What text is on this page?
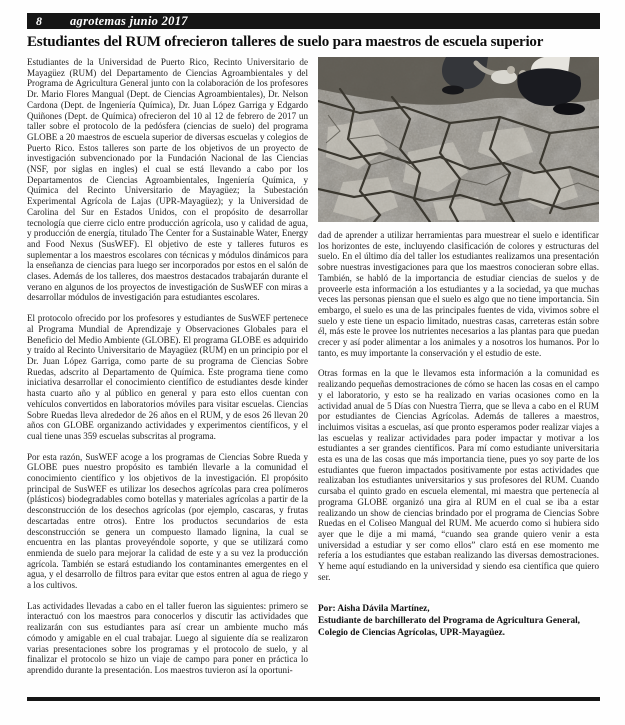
8	agrotemas junio 2017
Estudiantes del RUM ofrecieron talleres de suelo para maestros de escuela superior

Estudiantes de la Universidad de Puerto Rico, Recinto Universitario de Mayagüez (RUM) del Departamento de Ciencias Agroambientales y del Programa de Agricultura General junto con la colaboración de los profesores Dr. Mario Flores Mangual (Dept. de Ciencias Agroambientales), Dr. Nelson Cardona (Dept. de Ingeniería Química), Dr. Juan López Garriga y Edgardo Quiñones (Dept. de Química) ofrecieron del 10 al 12 de febrero de 2017 un taller sobre el protocolo de la pedósfera (ciencias de suelo) del programa GLOBE a 20 maestros de escuela superior de diversas escuelas y colegios de Puerto Rico. Estos talleres son parte de los objetivos de un proyecto de investigación subvencionado por la Fundación Nacional de las Ciencias (NSF, por siglas en ingles) el cual se está llevando a cabo por los Departamentos de Ciencias Agroambientales, Ingeniería Química, y Química del Recinto Universitario de Mayagüez; la Subestación Experimental Agrícola de Lajas (UPR-Mayagüez); y la Universidad de Carolina del Sur en Estados Unidos, con el propósito de desarrollar tecnología que cierre ciclo entre producción agrícola, uso y calidad de agua, y producción de energía, titulado The Center for a Sustainable Water, Energy and Food Nexus (SusWEF). El objetivo de este y talleres futuros es suplementar a los maestros escolares con técnicas y módulos dinámicos para la enseñanza de ciencias para luego ser incorporados por estos en el salón de clases. Además de los talleres, dos maestros destacados trabajarán durante el verano en algunos de los proyectos de investigación de SusWEF con miras a desarrollar módulos de investigación para estudiantes escolares.

El protocolo ofrecido por los profesores y estudiantes de SusWEF pertenece al Programa Mundial de Aprendizaje y Observaciones Globales para el Beneficio del Medio Ambiente (GLOBE). El programa GLOBE es adquirido y traído al Recinto Universitario de Mayagüez (RUM) en un principio por el Dr. Juan López Garriga, como parte de su programa de Ciencias Sobre Ruedas, adscrito al Departamento de Química. Este programa tiene como iniciativa desarrollar el conocimiento científico de estudiantes desde kinder hasta cuarto año y al público en general y para esto ellos cuentan con vehículos convertidos en laboratorios móviles para visitar escuelas. Ciencias Sobre Ruedas lleva alrededor de 26 años en el RUM, y de esos 26 llevan 20 años con GLOBE organizando actividades y experimentos científicos, y el cual tiene unas 359 escuelas subscritas al programa.

Por esta razón, SusWEF acoge a los programas de Ciencias Sobre Rueda y GLOBE pues nuestro propósito es también llevarle a la comunidad el conocimiento científico y los objetivos de la investigación. El propósito principal de SusWEF es utilizar los desechos agrícolas para crea polímeros (plásticos) biodegradables como botellas y materiales agrícolas a partir de la desconstrucción de los desechos agrícolas (por ejemplo, cascaras, y frutas descartadas entre otros). Entre los productos secundarios de esta desconstrucción se genera un compuesto llamado lignina, la cual se encuentra en las plantas proveyéndole soporte, y que se utilizará como enmienda de suelo para mejorar la calidad de este y a su vez la producción agrícola. También se estará estudiando los contaminantes emergentes en el agua, y el desarrollo de filtros para evitar que estos entren al agua de riego y a los cultivos.

Las actividades llevadas a cabo en el taller fueron las siguientes: primero se interactuó con los maestros para conocerlos y discutir las actividades que realizarán con sus estudiantes para así crear un ambiente mucho más cómodo y amigable en el cual trabajar. Luego al siguiente día se realizaron varias presentaciones sobre los programas y el protocolo de suelo, y al finalizar el protocolo se hizo un viaje de campo para poner en práctica lo aprendido durante la presentación. Los maestros tuvieron así la oportuni-

dad de aprender a utilizar herramientas para muestrear el suelo e identificar los horizontes de este, incluyendo clasificación de colores y estructuras del suelo. En el último día del taller los estudiantes realizamos una presentación sobre nuestras investigaciones para que los maestros conocieran sobre ellas. También, se habló de la importancia de estudiar ciencias de suelos y de proveerle esta información a los estudiantes y a la sociedad, ya que muchas veces las personas piensan que el suelo es algo que no tiene importancia. Sin embargo, el suelo es una de las principales fuentes de vida, vivimos sobre el suelo y este tiene un espacio limitado, nuestras casas, carreteras están sobre él, más este le provee los nutrientes necesarios a las plantas para que puedan crecer y así poder alimentar a los animales y a nosotros los humanos. Por lo tanto, es muy importante la conservación y el estudio de este.

Otras formas en la que le llevamos esta información a la comunidad es realizando pequeñas demostraciones de cómo se hacen las cosas en el campo y el laboratorio, y esto se ha realizado en varias ocasiones como en la actividad anual de 5 Días con Nuestra Tierra, que se lleva a cabo en el RUM por estudiantes de Ciencias Agrícolas. Además de talleres a maestros, incluimos visitas a escuelas, así que pronto esperamos poder realizar viajes a las escuelas y realizar actividades para poder impactar y motivar a los estudiantes a ser grandes científicos. Para mí como estudiante universitaria esta es una de las cosas que más importancia tiene, pues yo soy parte de los estudiantes que fueron impactados positivamente por estas actividades que realizaban los estudiantes universitarios y sus profesores del RUM. Cuando cursaba el quinto grado en escuela elemental, mi maestra que pertenecía al programa GLOBE organizó una gira al RUM en el cual se iba a estar realizando un show de ciencias brindado por el programa de Ciencias Sobre Ruedas en el Coliseo Mangual del RUM. Me acuerdo como si hubiera sido ayer que le dije a mi mamá, “cuando sea grande quiero venir a esta universidad a estudiar y ser como ellos” claro está en ese momento me refería a los estudiantes que estaban realizando las diversas demostraciones. Y heme aquí estudiando en la universidad y siendo esa científica que quiero ser.

Por: Aisha Dávila Martínez,

Estudiante de barchillerato del Programa de Agricultura General,

Colegio de Ciencias Agrícolas, UPR-Mayagüez.
